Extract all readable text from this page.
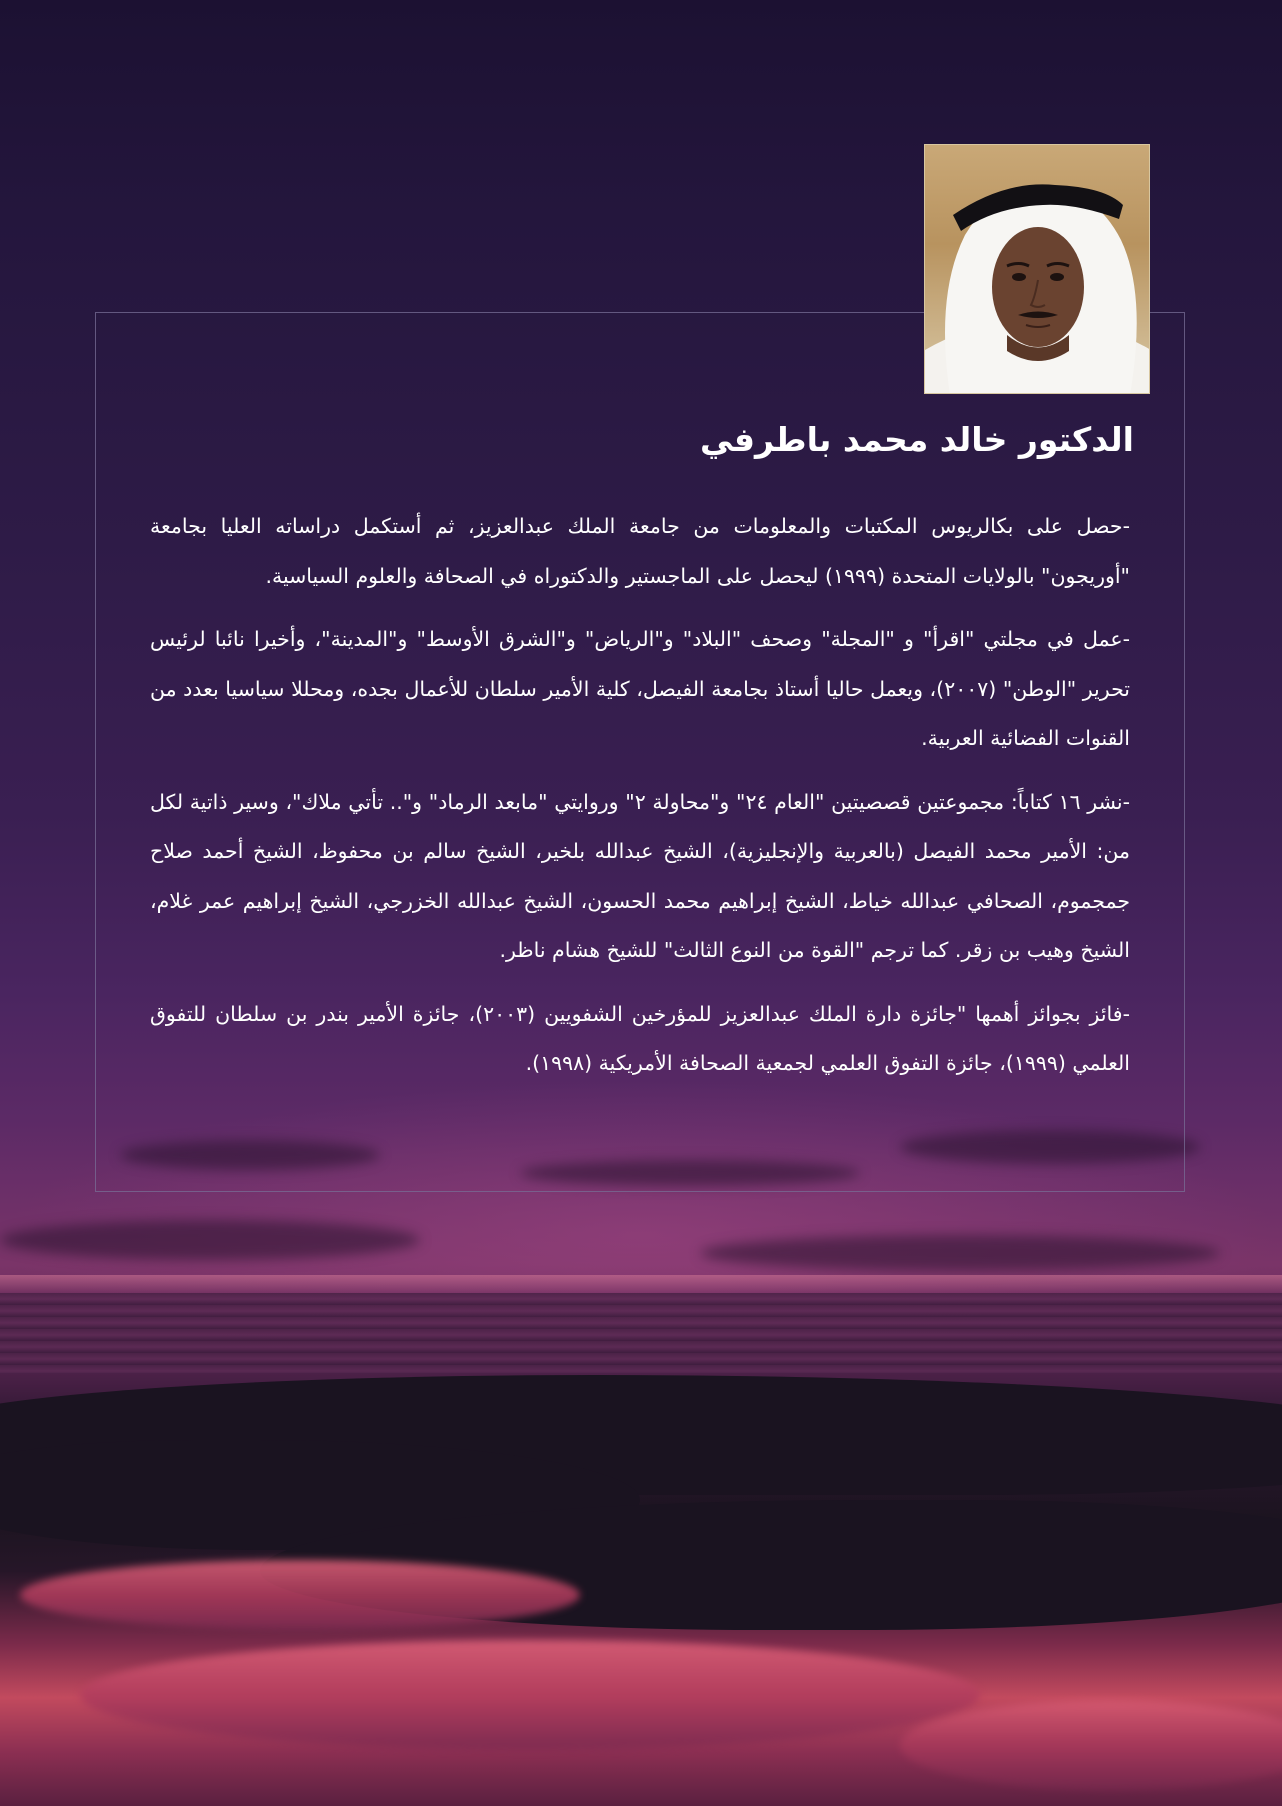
الدكتور خالد محمد باطرفي

-حصل على بكالريوس المكتبات والمعلومات من جامعة الملك عبدالعزيز، ثم أستكمل دراساته العليا بجامعة "أوريجون" بالولايات المتحدة (١٩٩٩) ليحصل على الماجستير والدكتوراه في الصحافة والعلوم السياسية.

-عمل في مجلتي "اقرأ" و "المجلة" وصحف "البلاد" و"الرياض" و"الشرق الأوسط" و"المدينة"، وأخيرا نائبا لرئيس تحرير "الوطن" (٢٠٠٧)، ويعمل حاليا أستاذ بجامعة الفيصل، كلية الأمير سلطان للأعمال بجده، ومحللا سياسيا بعدد من القنوات الفضائية العربية.

-نشر ١٦ كتاباً: مجموعتين قصصيتين "العام ٢٤" و"محاولة ٢" وروايتي "مابعد الرماد" و".. تأتي ملاك"، وسير ذاتية لكل من: الأمير محمد الفيصل (بالعربية والإنجليزية)، الشيخ عبدالله بلخير، الشيخ سالم بن محفوظ، الشيخ أحمد صلاح جمجموم، الصحافي عبدالله خياط، الشيخ إبراهيم محمد الحسون، الشيخ عبدالله الخزرجي، الشيخ إبراهيم عمر غلام، الشيخ وهيب بن زقر. كما ترجم "القوة من النوع الثالث" للشيخ هشام ناظر.

-فائز بجوائز أهمها "جائزة دارة الملك عبدالعزيز للمؤرخين الشفويين (٢٠٠٣)، جائزة الأمير بندر بن سلطان للتفوق العلمي (١٩٩٩)، جائزة التفوق العلمي لجمعية الصحافة الأمريكية (١٩٩٨).
